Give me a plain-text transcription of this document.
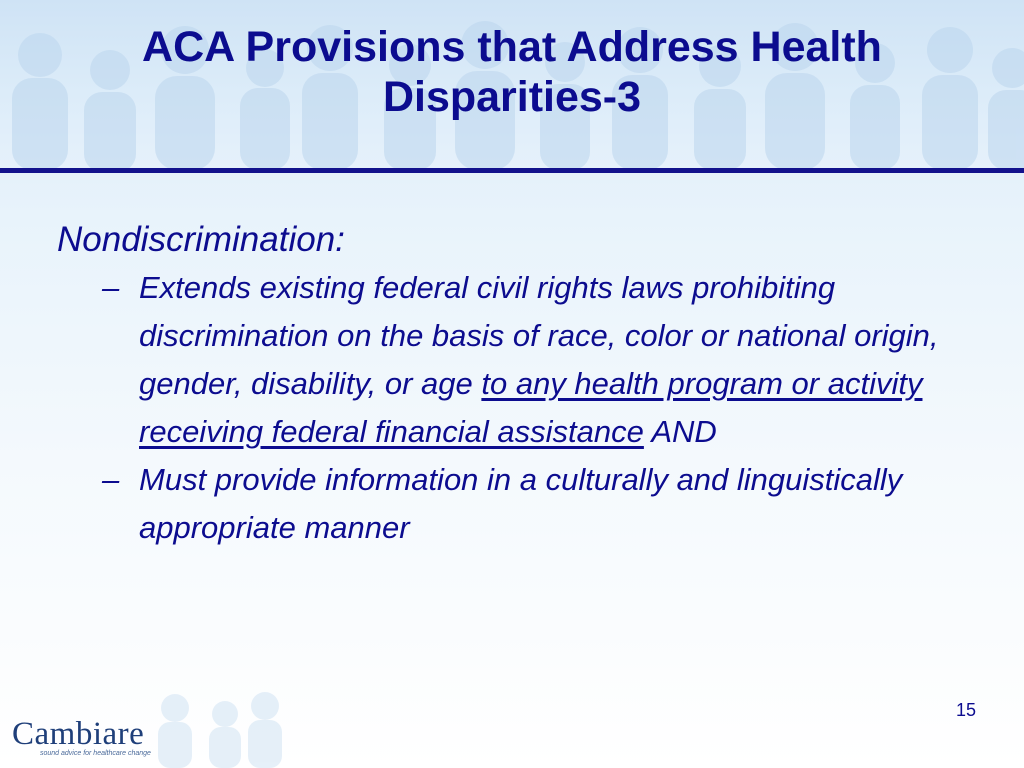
ACA Provisions that Address Health
Disparities-3
Nondiscrimination:
– Extends existing federal civil rights laws prohibiting discrimination on the basis of race, color or national origin, gender, disability, or age to any health program or activity receiving federal financial assistance AND
– Must provide information in a culturally and linguistically appropriate manner
Cambiare
sound advice for healthcare change
15
